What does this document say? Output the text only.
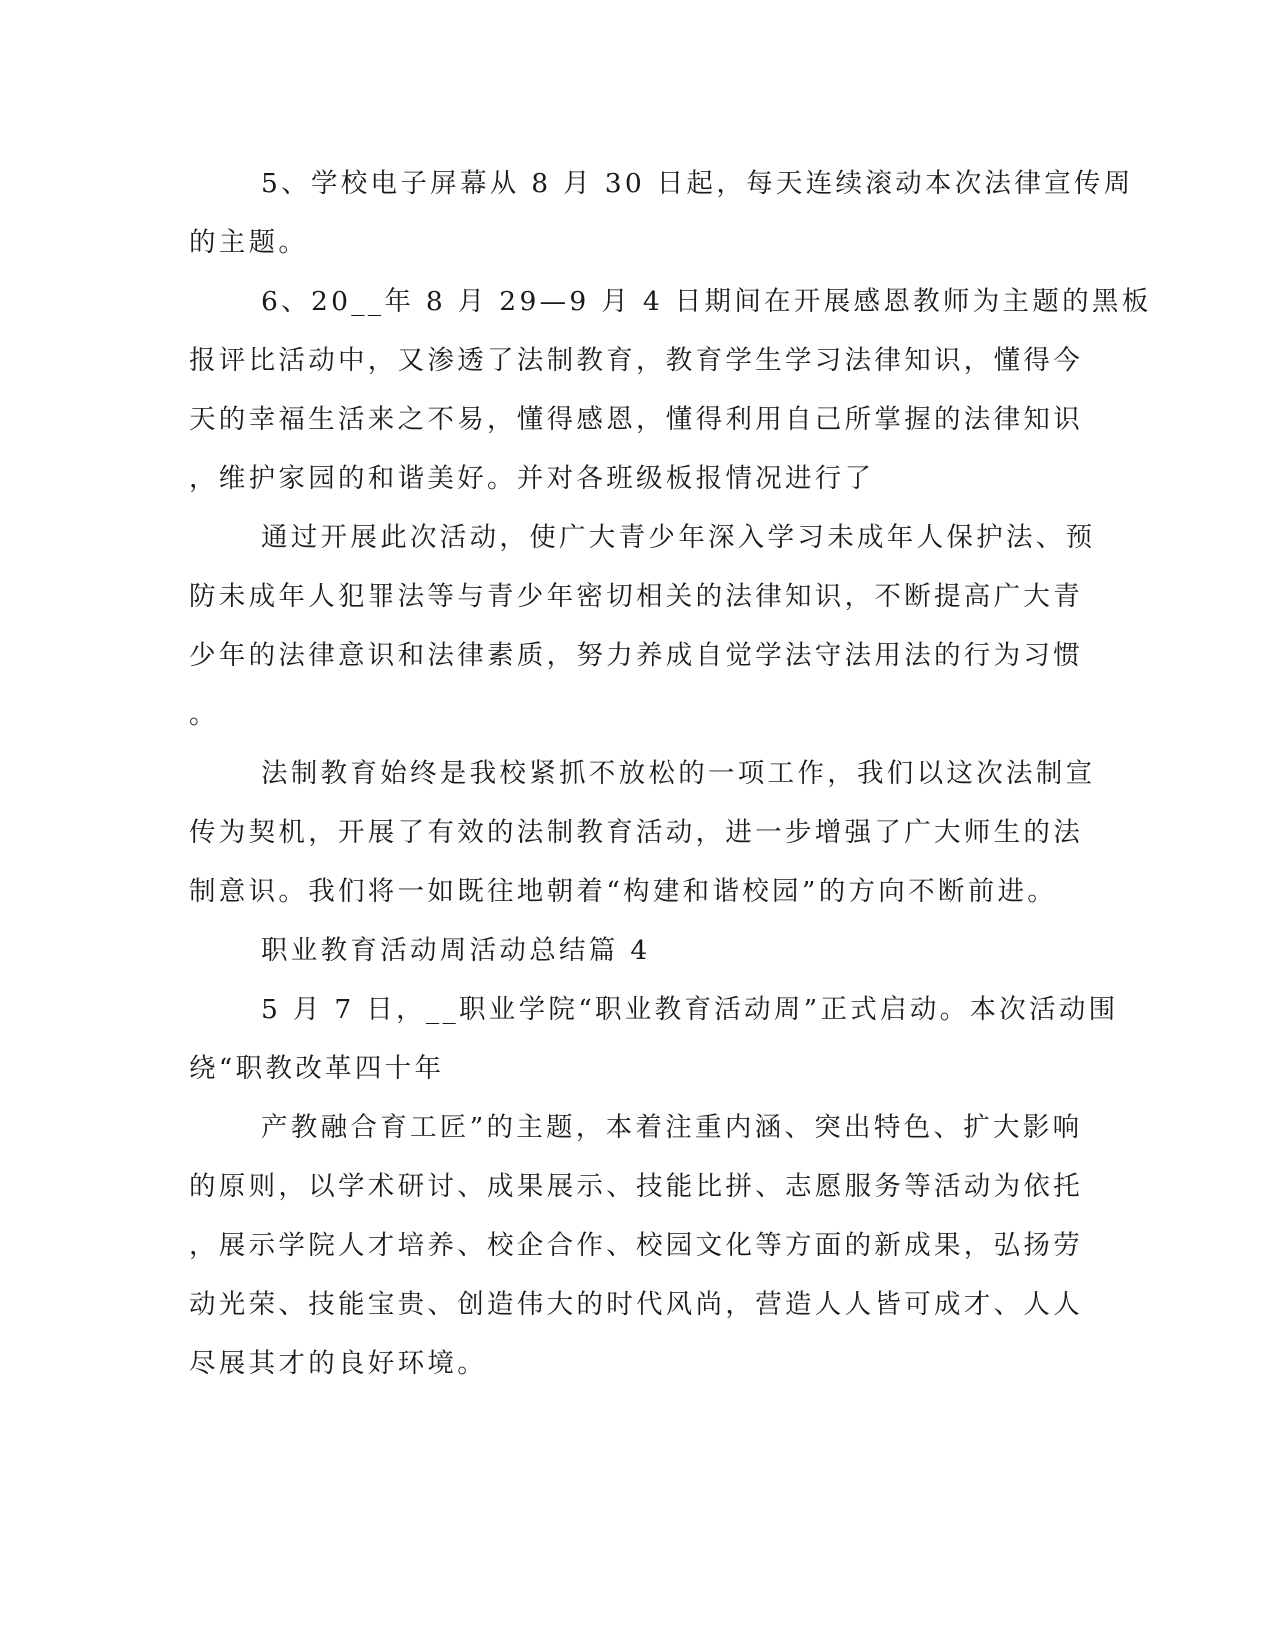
5、学校电子屏幕从 8 月 30 日起，每天连续滚动本次法律宣传周
的主题。

6、20__年 8 月 29—9 月 4 日期间在开展感恩教师为主题的黑板
报评比活动中，又渗透了法制教育，教育学生学习法律知识，懂得今
天的幸福生活来之不易，懂得感恩，懂得利用自己所掌握的法律知识
，维护家园的和谐美好。并对各班级板报情况进行了

通过开展此次活动，使广大青少年深入学习未成年人保护法、预
防未成年人犯罪法等与青少年密切相关的法律知识，不断提高广大青
少年的法律意识和法律素质，努力养成自觉学法守法用法的行为习惯
。

法制教育始终是我校紧抓不放松的一项工作，我们以这次法制宣
传为契机，开展了有效的法制教育活动，进一步增强了广大师生的法
制意识。我们将一如既往地朝着“构建和谐校园”的方向不断前进。

职业教育活动周活动总结篇 4

5 月 7 日，__职业学院“职业教育活动周”正式启动。本次活动围
绕“职教改革四十年

产教融合育工匠”的主题，本着注重内涵、突出特色、扩大影响
的原则，以学术研讨、成果展示、技能比拼、志愿服务等活动为依托
，展示学院人才培养、校企合作、校园文化等方面的新成果，弘扬劳
动光荣、技能宝贵、创造伟大的时代风尚，营造人人皆可成才、人人
尽展其才的良好环境。
